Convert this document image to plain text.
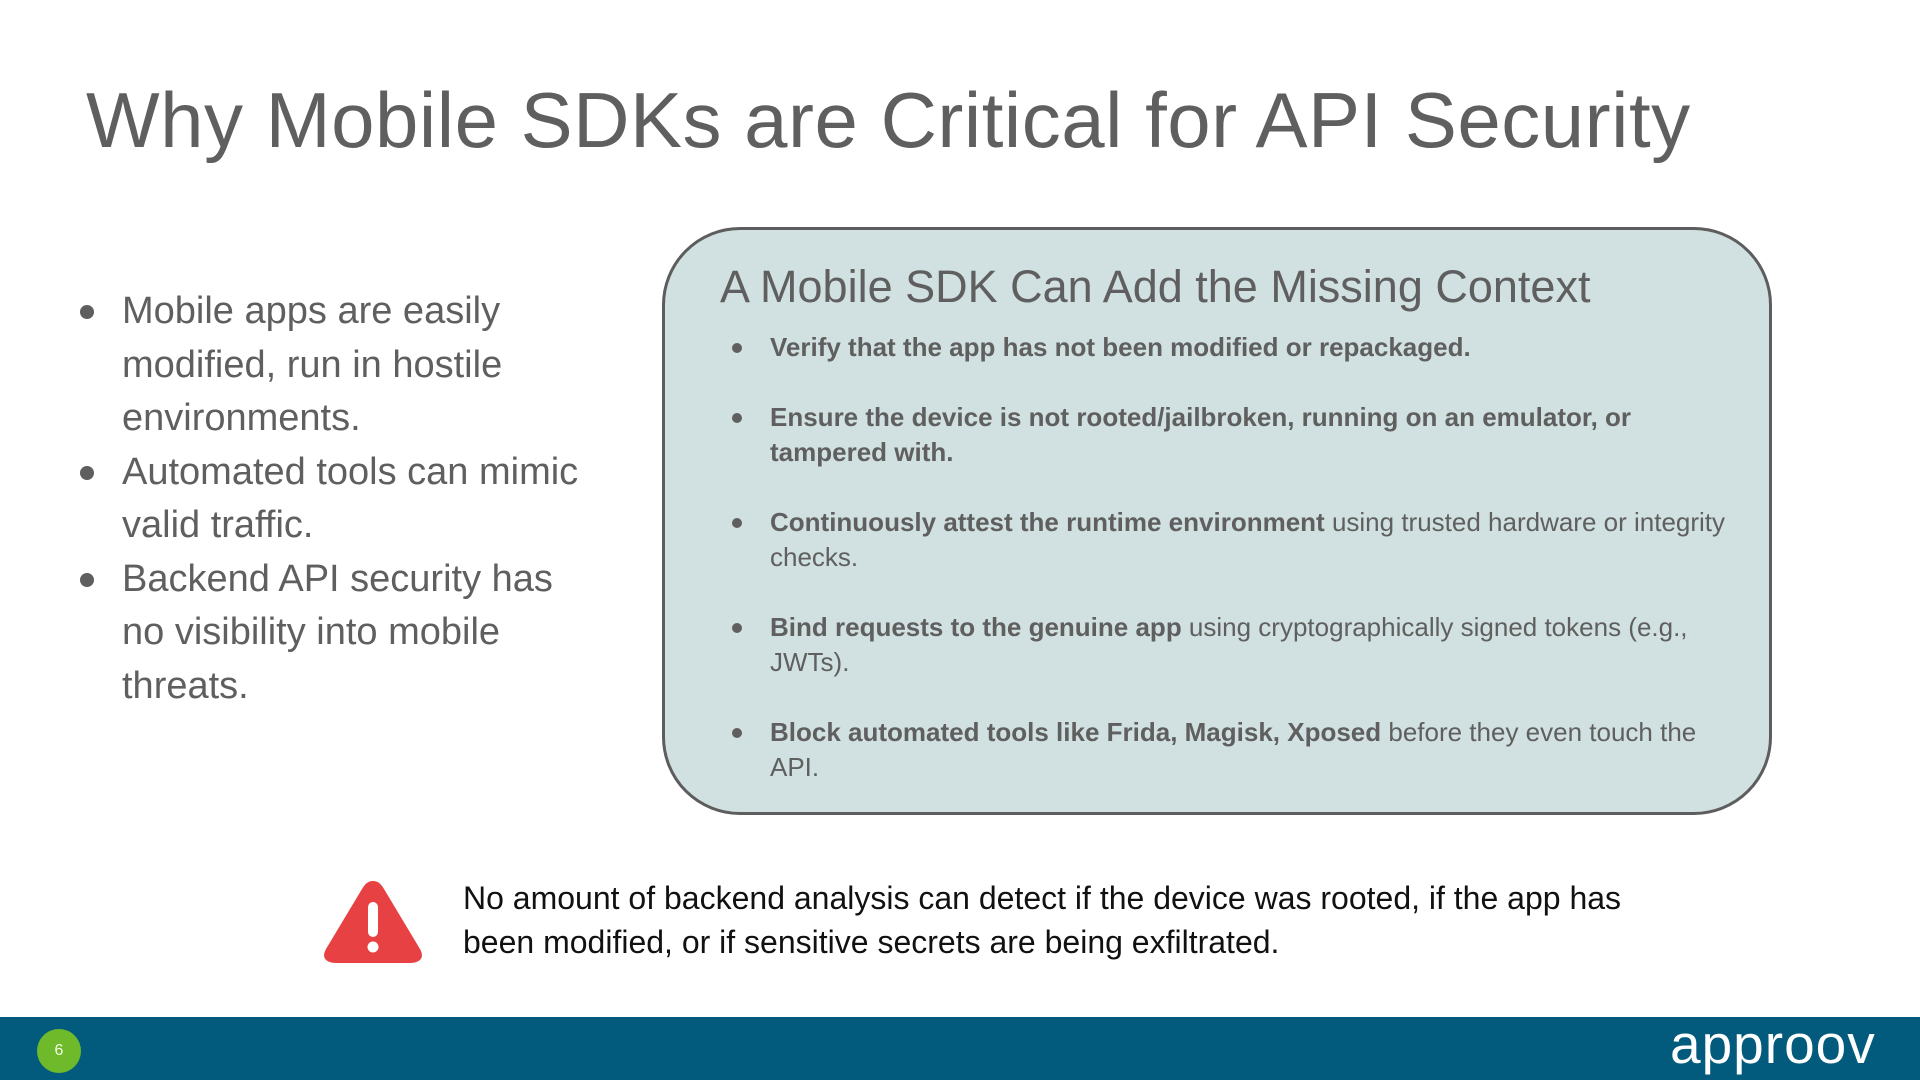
Why Mobile SDKs are Critical for API Security
Mobile apps are easily modified, run in hostile environments.
Automated tools can mimic valid traffic.
Backend API security has no visibility into mobile threats.
A Mobile SDK Can Add the Missing Context
Verify that the app has not been modified or repackaged.
Ensure the device is not rooted/jailbroken, running on an emulator, or tampered with.
Continuously attest the runtime environment using trusted hardware or integrity checks.
Bind requests to the genuine app using cryptographically signed tokens (e.g., JWTs).
Block automated tools like Frida, Magisk, Xposed before they even touch the API.

No amount of backend analysis can detect if the device was rooted, if the app has been modified, or if sensitive secrets are being exfiltrated.

6	approov
